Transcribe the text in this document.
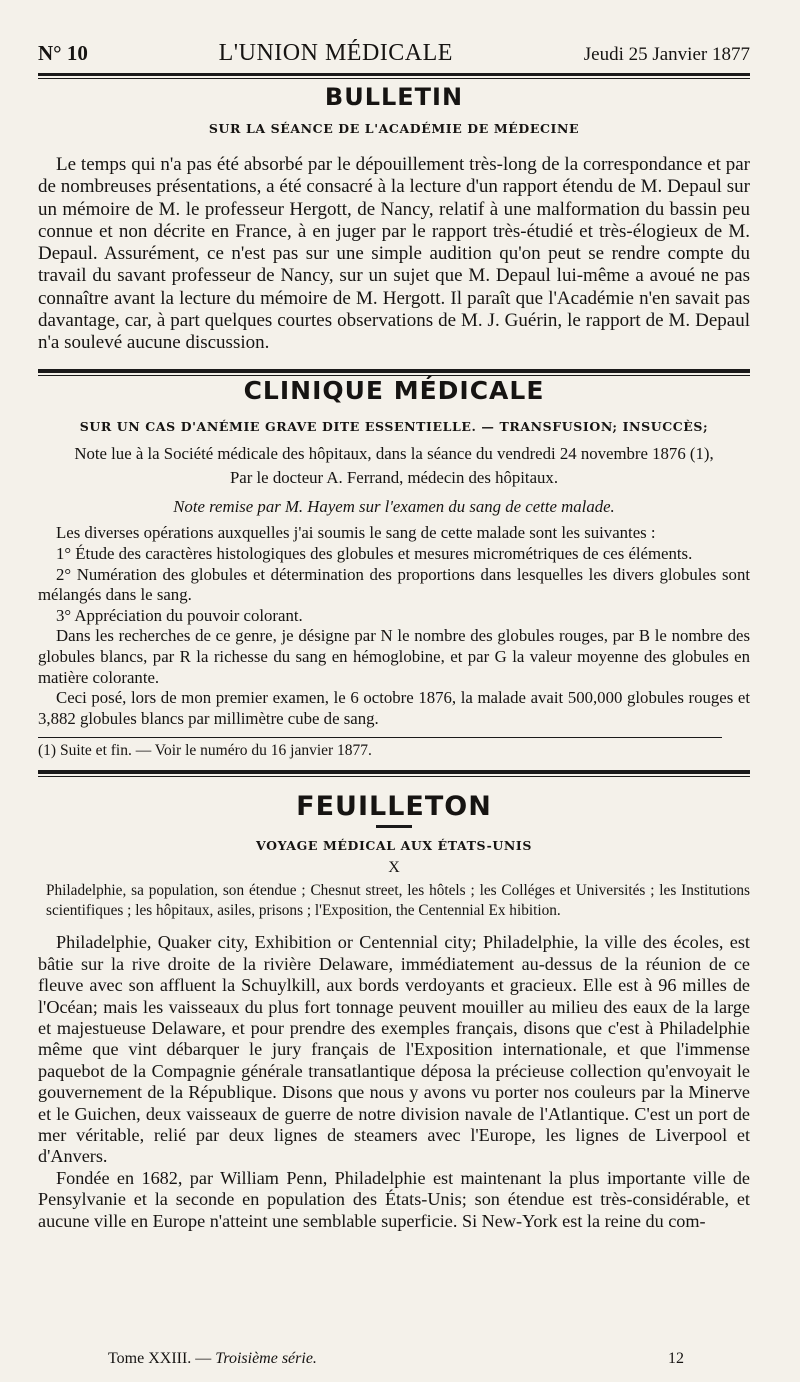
N° 10	L'UNION MÉDICALE	Jeudi 25 Janvier 1877
BULLETIN
SUR LA SÉANCE DE L'ACADÉMIE DE MÉDECINE

Le temps qui n'a pas été absorbé par le dépouillement très-long de la correspondance et par de nombreuses présentations, a été consacré à la lecture d'un rapport étendu de M. Depaul sur un mémoire de M. le professeur Hergott, de Nancy, relatif à une malformation du bassin peu connue et non décrite en France, à en juger par le rapport très-étudié et très-élogieux de M. Depaul. Assurément, ce n'est pas sur une simple audition qu'on peut se rendre compte du travail du savant professeur de Nancy, sur un sujet que M. Depaul lui-même a avoué ne pas connaître avant la lecture du mémoire de M. Hergott. Il paraît que l'Académie n'en savait pas davantage, car, à part quelques courtes observations de M. J. Guérin, le rapport de M. Depaul n'a soulevé aucune discussion.

CLINIQUE MÉDICALE
SUR UN CAS D'ANÉMIE GRAVE DITE ESSENTIELLE. — TRANSFUSION; INSUCCÈS;

Note lue à la Société médicale des hôpitaux, dans la séance du vendredi 24 novembre 1876 (1),

Par le docteur A. Ferrand, médecin des hôpitaux.

Note remise par M. Hayem sur l'examen du sang de cette malade.

Les diverses opérations auxquelles j'ai soumis le sang de cette malade sont les suivantes :

1° Étude des caractères histologiques des globules et mesures micrométriques de ces éléments.

2° Numération des globules et détermination des proportions dans lesquelles les divers globules sont mélangés dans le sang.

3° Appréciation du pouvoir colorant.

Dans les recherches de ce genre, je désigne par N le nombre des globules rouges, par B le nombre des globules blancs, par R la richesse du sang en hémoglobine, et par G la valeur moyenne des globules en matière colorante.

Ceci posé, lors de mon premier examen, le 6 octobre 1876, la malade avait 500,000 globules rouges et 3,882 globules blancs par millimètre cube de sang.

(1) Suite et fin. — Voir le numéro du 16 janvier 1877.

FEUILLETON
VOYAGE MÉDICAL AUX ÉTATS-UNIS
X

Philadelphie, sa population, son étendue ; Chesnut street, les hôtels ; les Colléges et Universités ; les Institutions scientifiques ; les hôpitaux, asiles, prisons ; l'Exposition, the Centennial Ex hibition.

Philadelphie, Quaker city, Exhibition or Centennial city; Philadelphie, la ville des écoles, est bâtie sur la rive droite de la rivière Delaware, immédiatement au-dessus de la réunion de ce fleuve avec son affluent la Schuylkill, aux bords verdoyants et gracieux. Elle est à 96 milles de l'Océan; mais les vaisseaux du plus fort tonnage peuvent mouiller au milieu des eaux de la large et majestueuse Delaware, et pour prendre des exemples français, disons que c'est à Philadelphie même que vint débarquer le jury français de l'Exposition internationale, et que l'immense paquebot de la Compagnie générale transatlantique déposa la précieuse collection qu'envoyait le gouvernement de la République. Disons que nous y avons vu porter nos couleurs par la Minerve et le Guichen, deux vaisseaux de guerre de notre division navale de l'Atlantique. C'est un port de mer véritable, relié par deux lignes de steamers avec l'Europe, les lignes de Liverpool et d'Anvers.

Fondée en 1682, par William Penn, Philadelphie est maintenant la plus importante ville de Pensylvanie et la seconde en population des États-Unis; son étendue est très-considérable, et aucune ville en Europe n'atteint une semblable superficie. Si New-York est la reine du com-

Tome XXIII. — Troisième série.	12
